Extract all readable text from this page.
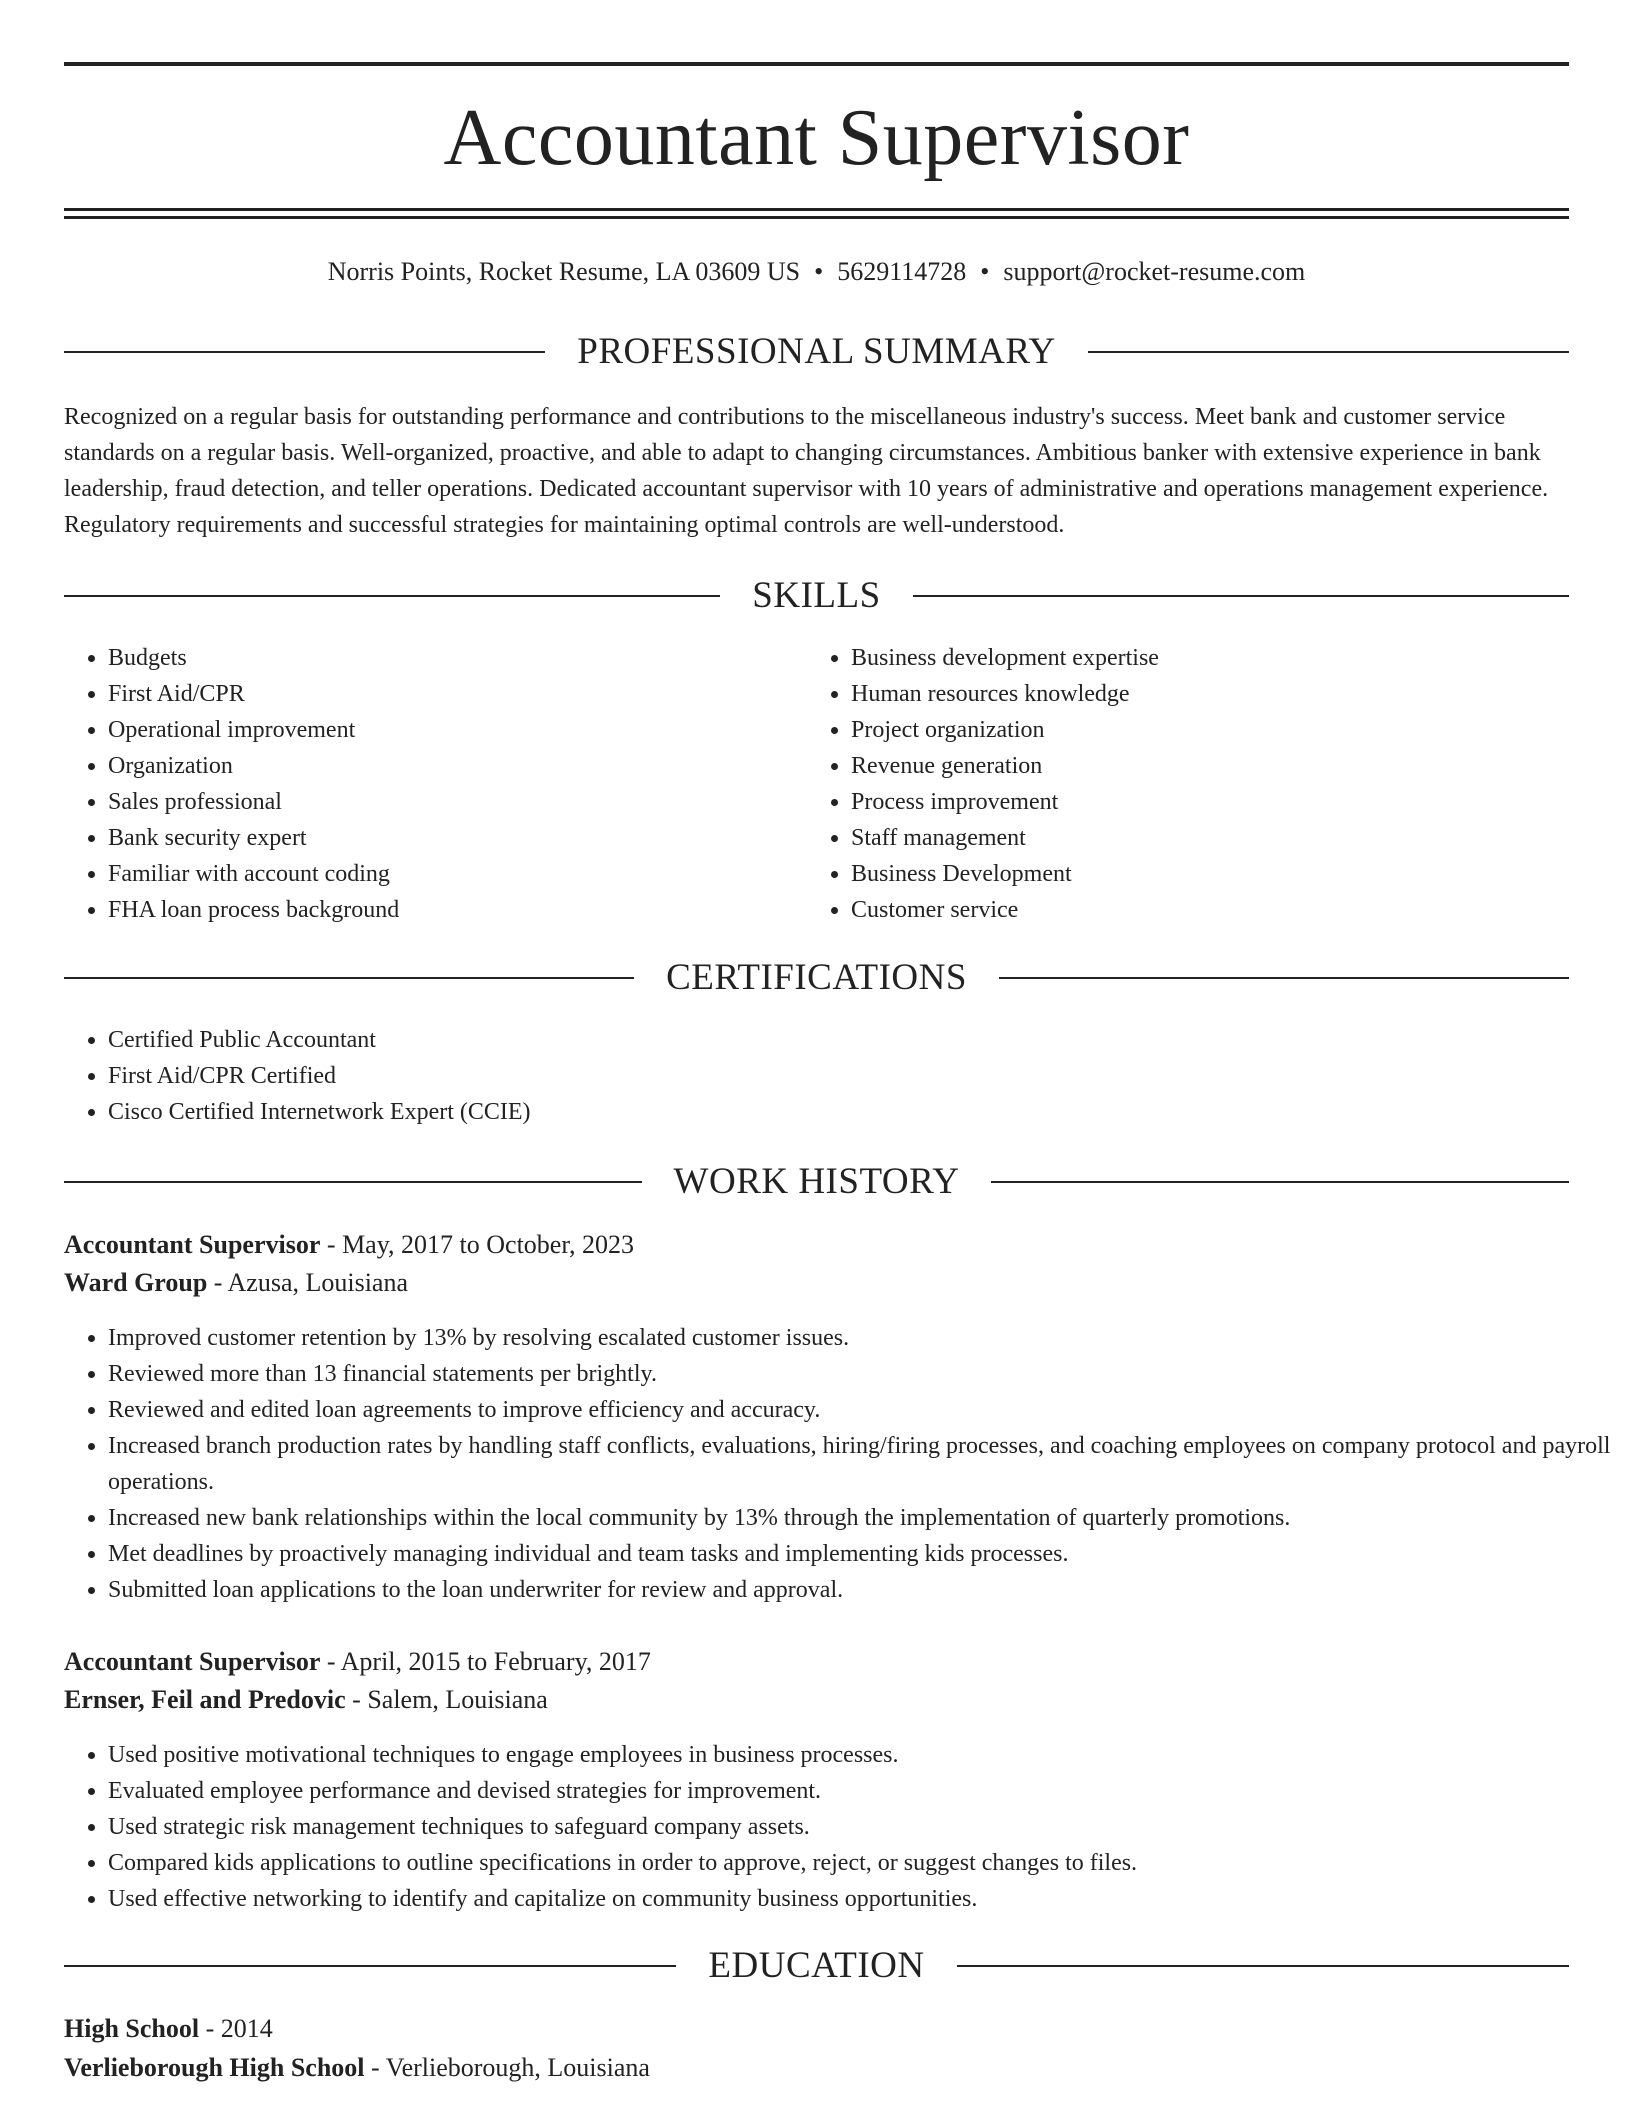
Accountant Supervisor
Norris Points, Rocket Resume, LA 03609 US • 5629114728 • support@rocket-resume.com
PROFESSIONAL SUMMARY
Recognized on a regular basis for outstanding performance and contributions to the miscellaneous industry's success. Meet bank and customer service standards on a regular basis. Well-organized, proactive, and able to adapt to changing circumstances. Ambitious banker with extensive experience in bank leadership, fraud detection, and teller operations. Dedicated accountant supervisor with 10 years of administrative and operations management experience. Regulatory requirements and successful strategies for maintaining optimal controls are well-understood.
SKILLS
• Budgets
• First Aid/CPR
• Operational improvement
• Organization
• Sales professional
• Bank security expert
• Familiar with account coding
• FHA loan process background
• Business development expertise
• Human resources knowledge
• Project organization
• Revenue generation
• Process improvement
• Staff management
• Business Development
• Customer service
CERTIFICATIONS
• Certified Public Accountant
• First Aid/CPR Certified
• Cisco Certified Internetwork Expert (CCIE)
WORK HISTORY
Accountant Supervisor - May, 2017 to October, 2023
Ward Group - Azusa, Louisiana
• Improved customer retention by 13% by resolving escalated customer issues.
• Reviewed more than 13 financial statements per brightly.
• Reviewed and edited loan agreements to improve efficiency and accuracy.
• Increased branch production rates by handling staff conflicts, evaluations, hiring/firing processes, and coaching employees on company protocol and payroll operations.
• Increased new bank relationships within the local community by 13% through the implementation of quarterly promotions.
• Met deadlines by proactively managing individual and team tasks and implementing kids processes.
• Submitted loan applications to the loan underwriter for review and approval.
Accountant Supervisor - April, 2015 to February, 2017
Ernser, Feil and Predovic - Salem, Louisiana
• Used positive motivational techniques to engage employees in business processes.
• Evaluated employee performance and devised strategies for improvement.
• Used strategic risk management techniques to safeguard company assets.
• Compared kids applications to outline specifications in order to approve, reject, or suggest changes to files.
• Used effective networking to identify and capitalize on community business opportunities.
EDUCATION
High School - 2014
Verlieborough High School - Verlieborough, Louisiana
